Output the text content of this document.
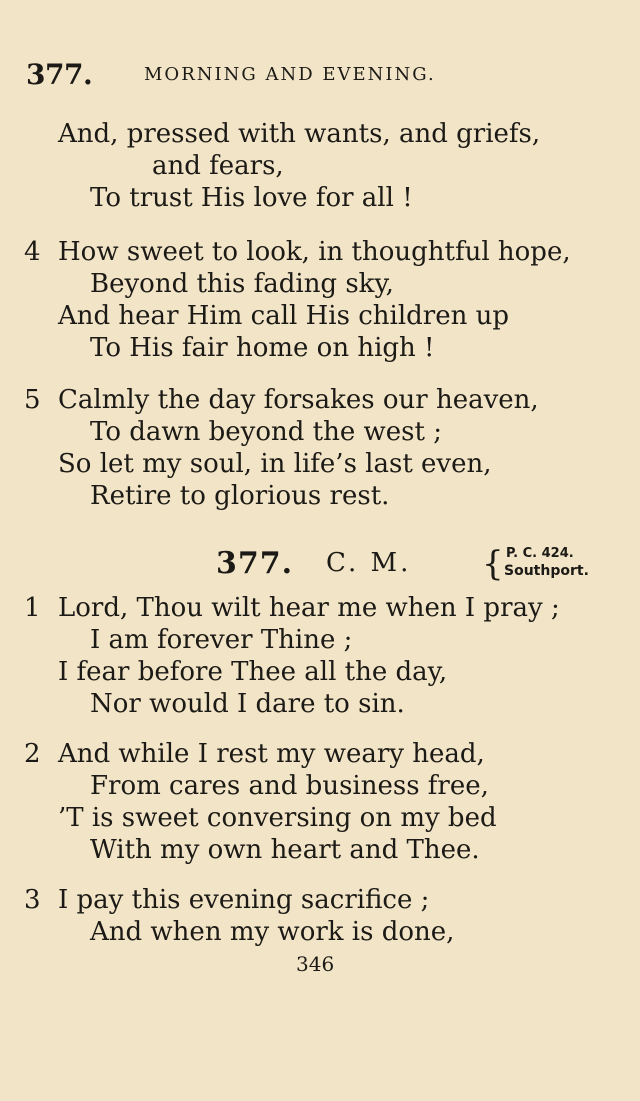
377.	MORNING AND EVENING.
And, pressed with wants, and griefs,
and fears,
To trust His love for all !
4 How sweet to look, in thoughtful hope,
Beyond this fading sky,
And hear Him call His children up
To His fair home on high !
5 Calmly the day forsakes our heaven,
To dawn beyond the west ;
So let my soul, in life’s last even,
Retire to glorious rest.
377. C. M. { P. C. 424.
Southport.
1 Lord, Thou wilt hear me when I pray ;
I am forever Thine ;
I fear before Thee all the day,
Nor would I dare to sin.
2 And while I rest my weary head,
From cares and business free,
’T is sweet conversing on my bed
With my own heart and Thee.
3 I pay this evening sacrifice ;
And when my work is done,
346
